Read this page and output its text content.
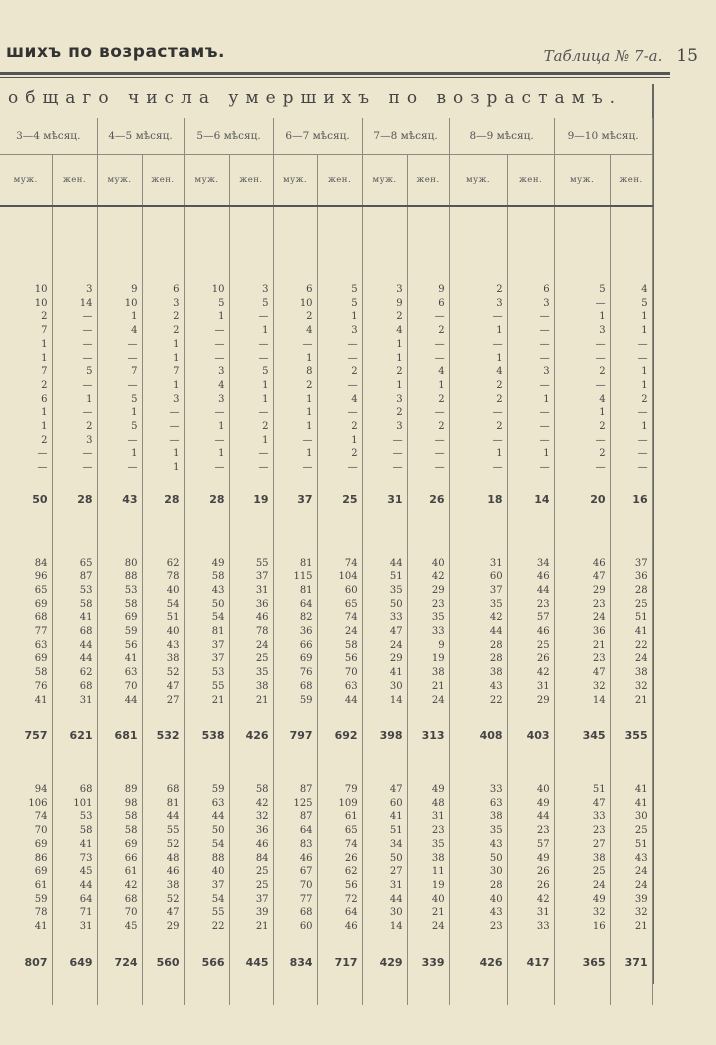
шихъ по возрастамъ.	Таблица № 7-а. 15
общаго числа умершихъ по возрастамъ.
3—4 мѣсяц.		4—5 мѣсяц.		5—6 мѣсяц.		6—7 мѣсяц.		7—8 мѣсяц.		8—9 мѣсяц.		9—10 мѣсяц.	
муж.	жен.	муж.	жен.	муж.	жен.	муж.	жен.	муж.	жен.	муж.	жен.	муж.	жен.

10	3	9	6	10	3	6	5	3	9	2	6	5	4
10	14	10	3	5	5	10	5	9	6	3	3	—	5
2	—	1	2	1	—	2	1	2	—	—	—	1	1
7	—	4	2	—	1	4	3	4	2	1	—	3	1
1	—	—	1	—	—	—	—	1	—	—	—	—	—
1	—	—	1	—	—	1	—	1	—	1	—	—	—
7	5	7	7	3	5	8	2	2	4	4	3	2	1
2	—	—	1	4	1	2	—	1	1	2	—	—	1
6	1	5	3	3	1	1	4	3	2	2	1	4	2
1	—	1	—	—	—	1	—	2	—	—	—	1	—
1	2	5	—	1	2	1	2	3	2	2	—	2	1
2	3	—	—	—	1	—	1	—	—	—	—	—	—
—	—	1	1	1	—	1	2	—	—	1	1	2	—
—	—	—	1	—	—	—	—	—	—	—	—	—	—

50	28	43	28	28	19	37	25	31	26	18	14	20	16

84	65	80	62	49	55	81	74	44	40	31	34	46	37
96	87	88	78	58	37	115	104	51	42	60	46	47	36
65	53	53	40	43	31	81	60	35	29	37	44	29	28
69	58	58	54	50	36	64	65	50	23	35	23	23	25
68	41	69	51	54	46	82	74	33	35	42	57	24	51
77	68	59	40	81	78	36	24	47	33	44	46	36	41
63	44	56	43	37	24	66	58	24	9	28	25	21	22
69	44	41	38	37	25	69	56	29	19	28	26	23	24
58	62	63	52	53	35	76	70	41	38	38	42	47	38
76	68	70	47	55	38	68	63	30	21	43	31	32	32
41	31	44	27	21	21	59	44	14	24	22	29	14	21

757	621	681	532	538	426	797	692	398	313	408	403	345	355

94	68	89	68	59	58	87	79	47	49	33	40	51	41
106	101	98	81	63	42	125	109	60	48	63	49	47	41
74	53	58	44	44	32	87	61	41	31	38	44	33	30
70	58	58	55	50	36	64	65	51	23	35	23	23	25
69	41	69	52	54	46	83	74	34	35	43	57	27	51
86	73	66	48	88	84	46	26	50	38	50	49	38	43
69	45	61	46	40	25	67	62	27	11	30	26	25	24
61	44	42	38	37	25	70	56	31	19	28	26	24	24
59	64	68	52	54	37	77	72	44	40	40	42	49	39
78	71	70	47	55	39	68	64	30	21	43	31	32	32
41	31	45	29	22	21	60	46	14	24	23	33	16	21

807	649	724	560	566	445	834	717	429	339	426	417	365	371
